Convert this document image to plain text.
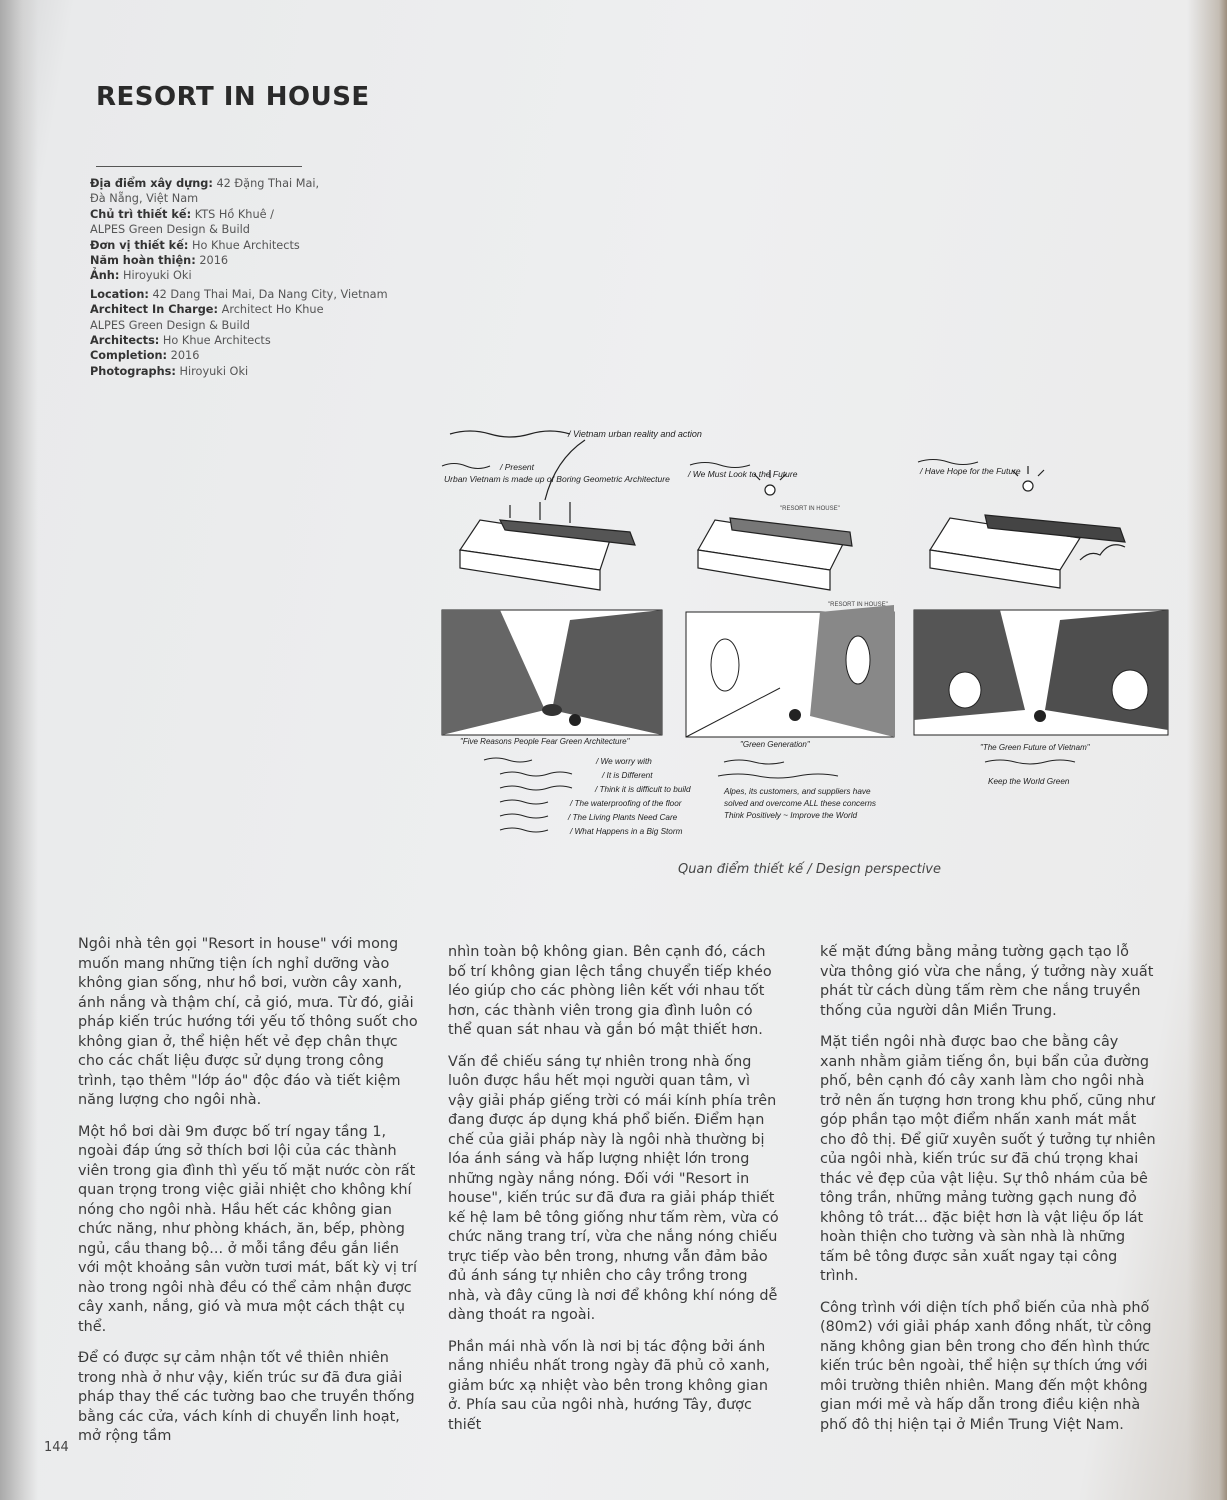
RESORT IN HOUSE
Địa điểm xây dựng: 42 Đặng Thai Mai,
Đà Nẵng, Việt Nam
Chủ trì thiết kế: KTS Hồ Khuê /
ALPES Green Design & Build
Đơn vị thiết kế: Ho Khue Architects
Năm hoàn thiện: 2016
Ảnh: Hiroyuki Oki
Location: 42 Dang Thai Mai, Da Nang City, Vietnam
Architect In Charge: Architect Ho Khue
ALPES Green Design & Build
Architects: Ho Khue Architects
Completion: 2016
Photographs: Hiroyuki Oki
/ Vietnam urban reality and action
/ Present
Urban Vietnam is made up of Boring Geometric Architecture / We Must Look to the Future	/ Have Hope for the Future
"RESORT IN HOUSE"
"Five Reasons People Fear Green Architecture"	"Green Generation"
"RESORT IN HOUSE"
"The Green Future of Vietnam"
/ We worry with
/ It is Different
/ Think it is difficult to build
/ The waterproofing of the floor
/ The Living Plants Need Care
/ What Happens in a Big Storm
Alpes, its customers, and suppliers have
solved and overcome ALL these concerns
Think Positively ~ Improve the World
Keep the World Green
Quan điểm thiết kế / Design perspective

Ngôi nhà tên gọi "Resort in house" với mong muốn mang những tiện ích nghỉ dưỡng vào không gian sống, như hồ bơi, vườn cây xanh, ánh nắng và thậm chí, cả gió, mưa. Từ đó, giải pháp kiến trúc hướng tới yếu tố thông suốt cho không gian ở, thể hiện hết vẻ đẹp chân thực cho các chất liệu được sử dụng trong công trình, tạo thêm "lớp áo" độc đáo và tiết kiệm năng lượng cho ngôi nhà.

Một hồ bơi dài 9m được bố trí ngay tầng 1, ngoài đáp ứng sở thích bơi lội của các thành viên trong gia đình thì yếu tố mặt nước còn rất quan trọng trong việc giải nhiệt cho không khí nóng cho ngôi nhà. Hầu hết các không gian chức năng, như phòng khách, ăn, bếp, phòng ngủ, cầu thang bộ... ở mỗi tầng đều gắn liền với một khoảng sân vườn tươi mát, bất kỳ vị trí nào trong ngôi nhà đều có thể cảm nhận được cây xanh, nắng, gió và mưa một cách thật cụ thể.

Để có được sự cảm nhận tốt về thiên nhiên trong nhà ở như vậy, kiến trúc sư đã đưa giải pháp thay thế các tường bao che truyền thống bằng các cửa, vách kính di chuyển linh hoạt, mở rộng tầm

nhìn toàn bộ không gian. Bên cạnh đó, cách bố trí không gian lệch tầng chuyển tiếp khéo léo giúp cho các phòng liên kết với nhau tốt hơn, các thành viên trong gia đình luôn có thể quan sát nhau và gắn bó mật thiết hơn.

Vấn đề chiếu sáng tự nhiên trong nhà ống luôn được hầu hết mọi người quan tâm, vì vậy giải pháp giếng trời có mái kính phía trên đang được áp dụng khá phổ biến. Điểm hạn chế của giải pháp này là ngôi nhà thường bị lóa ánh sáng và hấp lượng nhiệt lớn trong những ngày nắng nóng. Đối với "Resort in house", kiến trúc sư đã đưa ra giải pháp thiết kế hệ lam bê tông giống như tấm rèm, vừa có chức năng trang trí, vừa che nắng nóng chiếu trực tiếp vào bên trong, nhưng vẫn đảm bảo đủ ánh sáng tự nhiên cho cây trồng trong nhà, và đây cũng là nơi để không khí nóng dễ dàng thoát ra ngoài.

Phần mái nhà vốn là nơi bị tác động bởi ánh nắng nhiều nhất trong ngày đã phủ cỏ xanh, giảm bức xạ nhiệt vào bên trong không gian ở. Phía sau của ngôi nhà, hướng Tây, được thiết

kế mặt đứng bằng mảng tường gạch tạo lỗ vừa thông gió vừa che nắng, ý tưởng này xuất phát từ cách dùng tấm rèm che nắng truyền thống của người dân Miền Trung.

Mặt tiền ngôi nhà được bao che bằng cây xanh nhằm giảm tiếng ồn, bụi bẩn của đường phố, bên cạnh đó cây xanh làm cho ngôi nhà trở nên ấn tượng hơn trong khu phố, cũng như góp phần tạo một điểm nhấn xanh mát mắt cho đô thị. Để giữ xuyên suốt ý tưởng tự nhiên của ngôi nhà, kiến trúc sư đã chú trọng khai thác vẻ đẹp của vật liệu. Sự thô nhám của bê tông trần, những mảng tường gạch nung đỏ không tô trát... đặc biệt hơn là vật liệu ốp lát hoàn thiện cho tường và sàn nhà là những tấm bê tông được sản xuất ngay tại công trình.

Công trình với diện tích phổ biến của nhà phố (80m2) với giải pháp xanh đồng nhất, từ công năng không gian bên trong cho đến hình thức kiến trúc bên ngoài, thể hiện sự thích ứng với môi trường thiên nhiên. Mang đến một không gian mới mẻ và hấp dẫn trong điều kiện nhà phố đô thị hiện tại ở Miền Trung Việt Nam.

144
